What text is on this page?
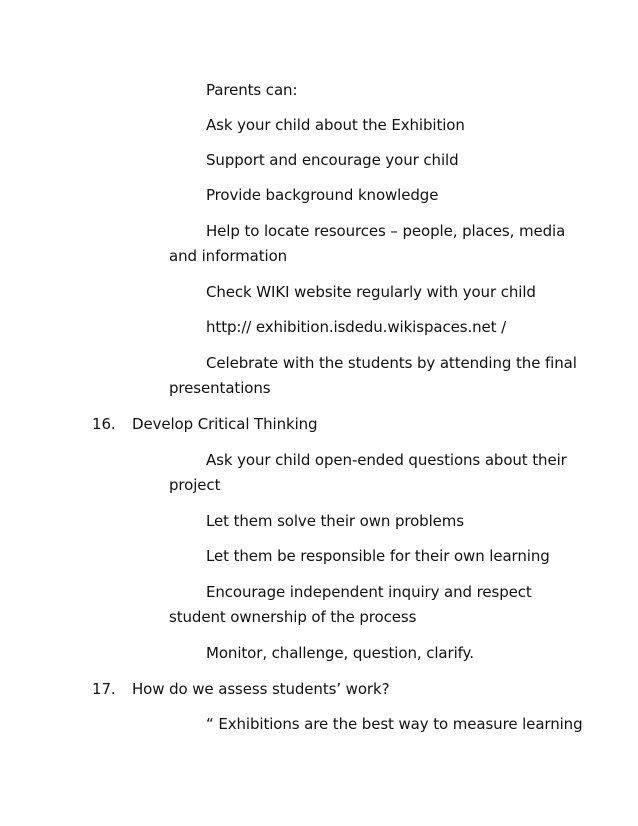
Parents can:
Ask your child about the Exhibition
Support and encourage your child
Provide background knowledge
Help to locate resources – people, places, media
and information
Check WIKI website regularly with your child
http:// exhibition.isdedu.wikispaces.net /
Celebrate with the students by attending the final
presentations
16. Develop Critical Thinking
Ask your child open-ended questions about their
project
Let them solve their own problems
Let them be responsible for their own learning
Encourage independent inquiry and respect
student ownership of the process
Monitor, challenge, question, clarify.
17. How do we assess students’ work?
“ Exhibitions are the best way to measure learning
